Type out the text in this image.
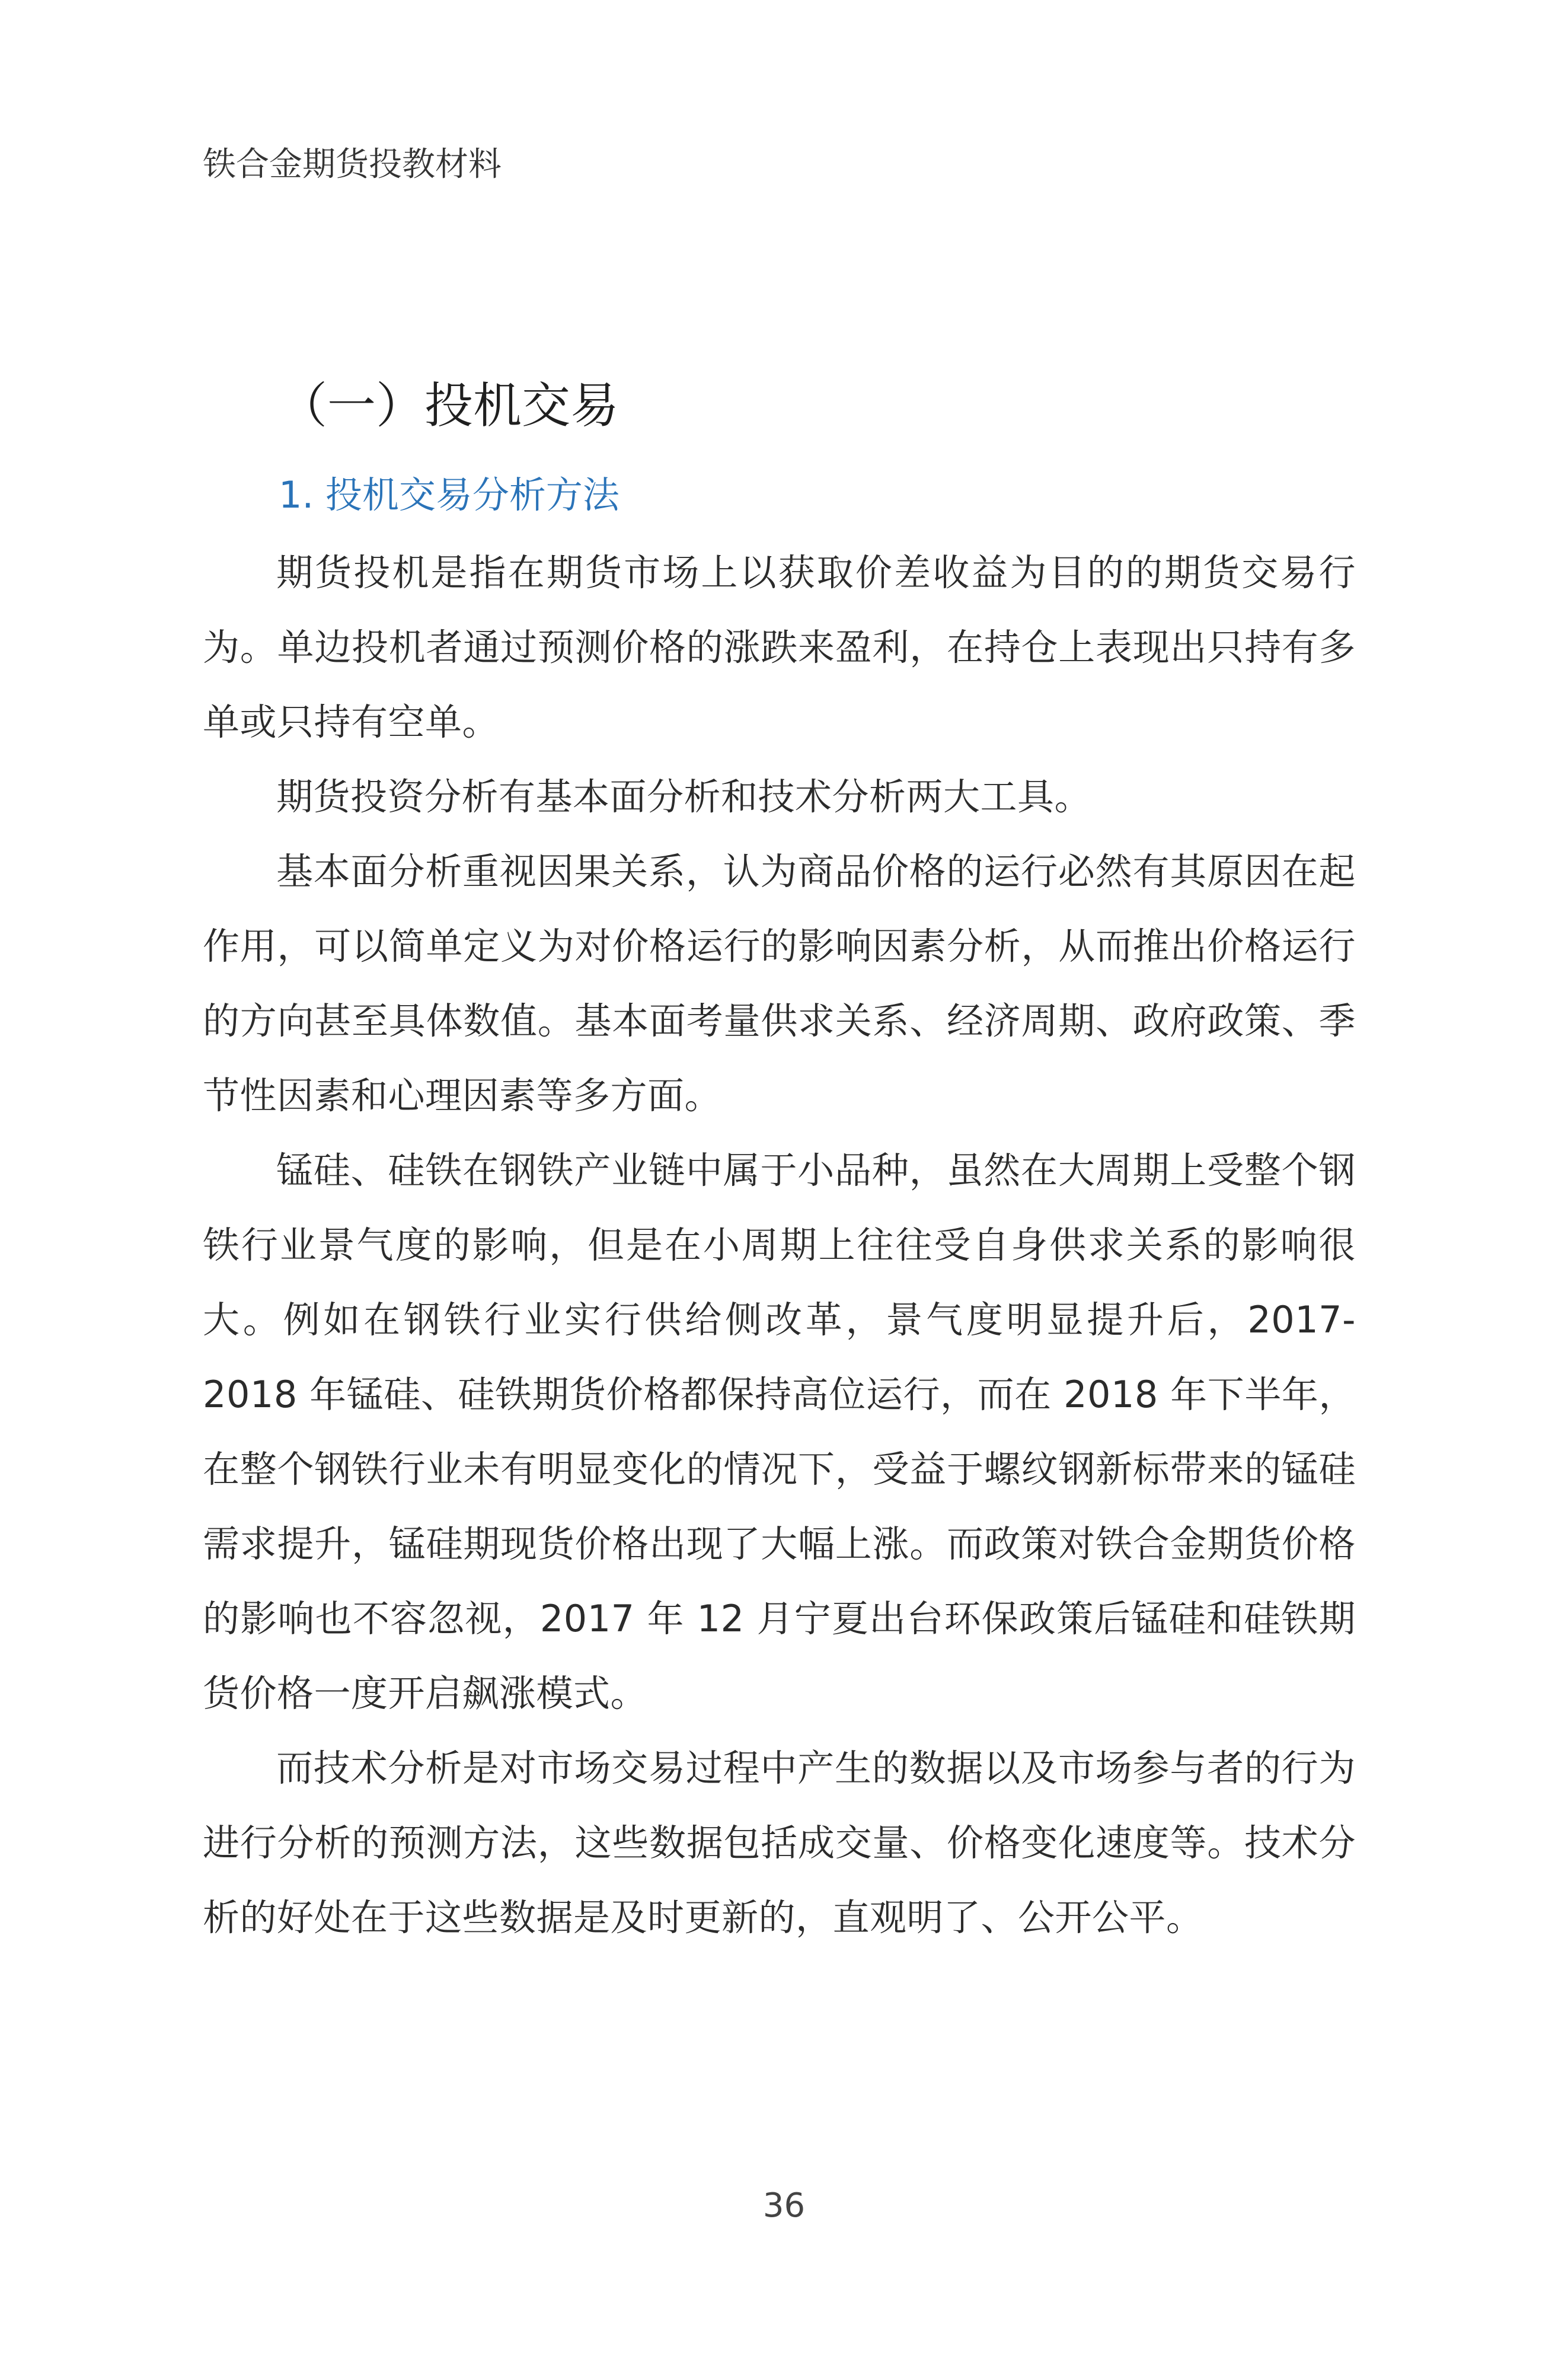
铁合金期货投教材料
（一）投机交易
1. 投机交易分析方法

期货投机是指在期货市场上以获取价差收益为目的的期货交易行为。单边投机者通过预测价格的涨跌来盈利，在持仓上表现出只持有多单或只持有空单。

期货投资分析有基本面分析和技术分析两大工具。

基本面分析重视因果关系，认为商品价格的运行必然有其原因在起作用，可以简单定义为对价格运行的影响因素分析，从而推出价格运行的方向甚至具体数值。基本面考量供求关系、经济周期、政府政策、季节性因素和心理因素等多方面。

锰硅、硅铁在钢铁产业链中属于小品种，虽然在大周期上受整个钢铁行业景气度的影响，但是在小周期上往往受自身供求关系的影响很大。例如在钢铁行业实行供给侧改革，景气度明显提升后，2017-2018 年锰硅、硅铁期货价格都保持高位运行，而在 2018 年下半年，在整个钢铁行业未有明显变化的情况下，受益于螺纹钢新标带来的锰硅需求提升，锰硅期现货价格出现了大幅上涨。而政策对铁合金期货价格的影响也不容忽视，2017 年 12 月宁夏出台环保政策后锰硅和硅铁期货价格一度开启飙涨模式。

而技术分析是对市场交易过程中产生的数据以及市场参与者的行为进行分析的预测方法，这些数据包括成交量、价格变化速度等。技术分析的好处在于这些数据是及时更新的，直观明了、公开公平。

36
